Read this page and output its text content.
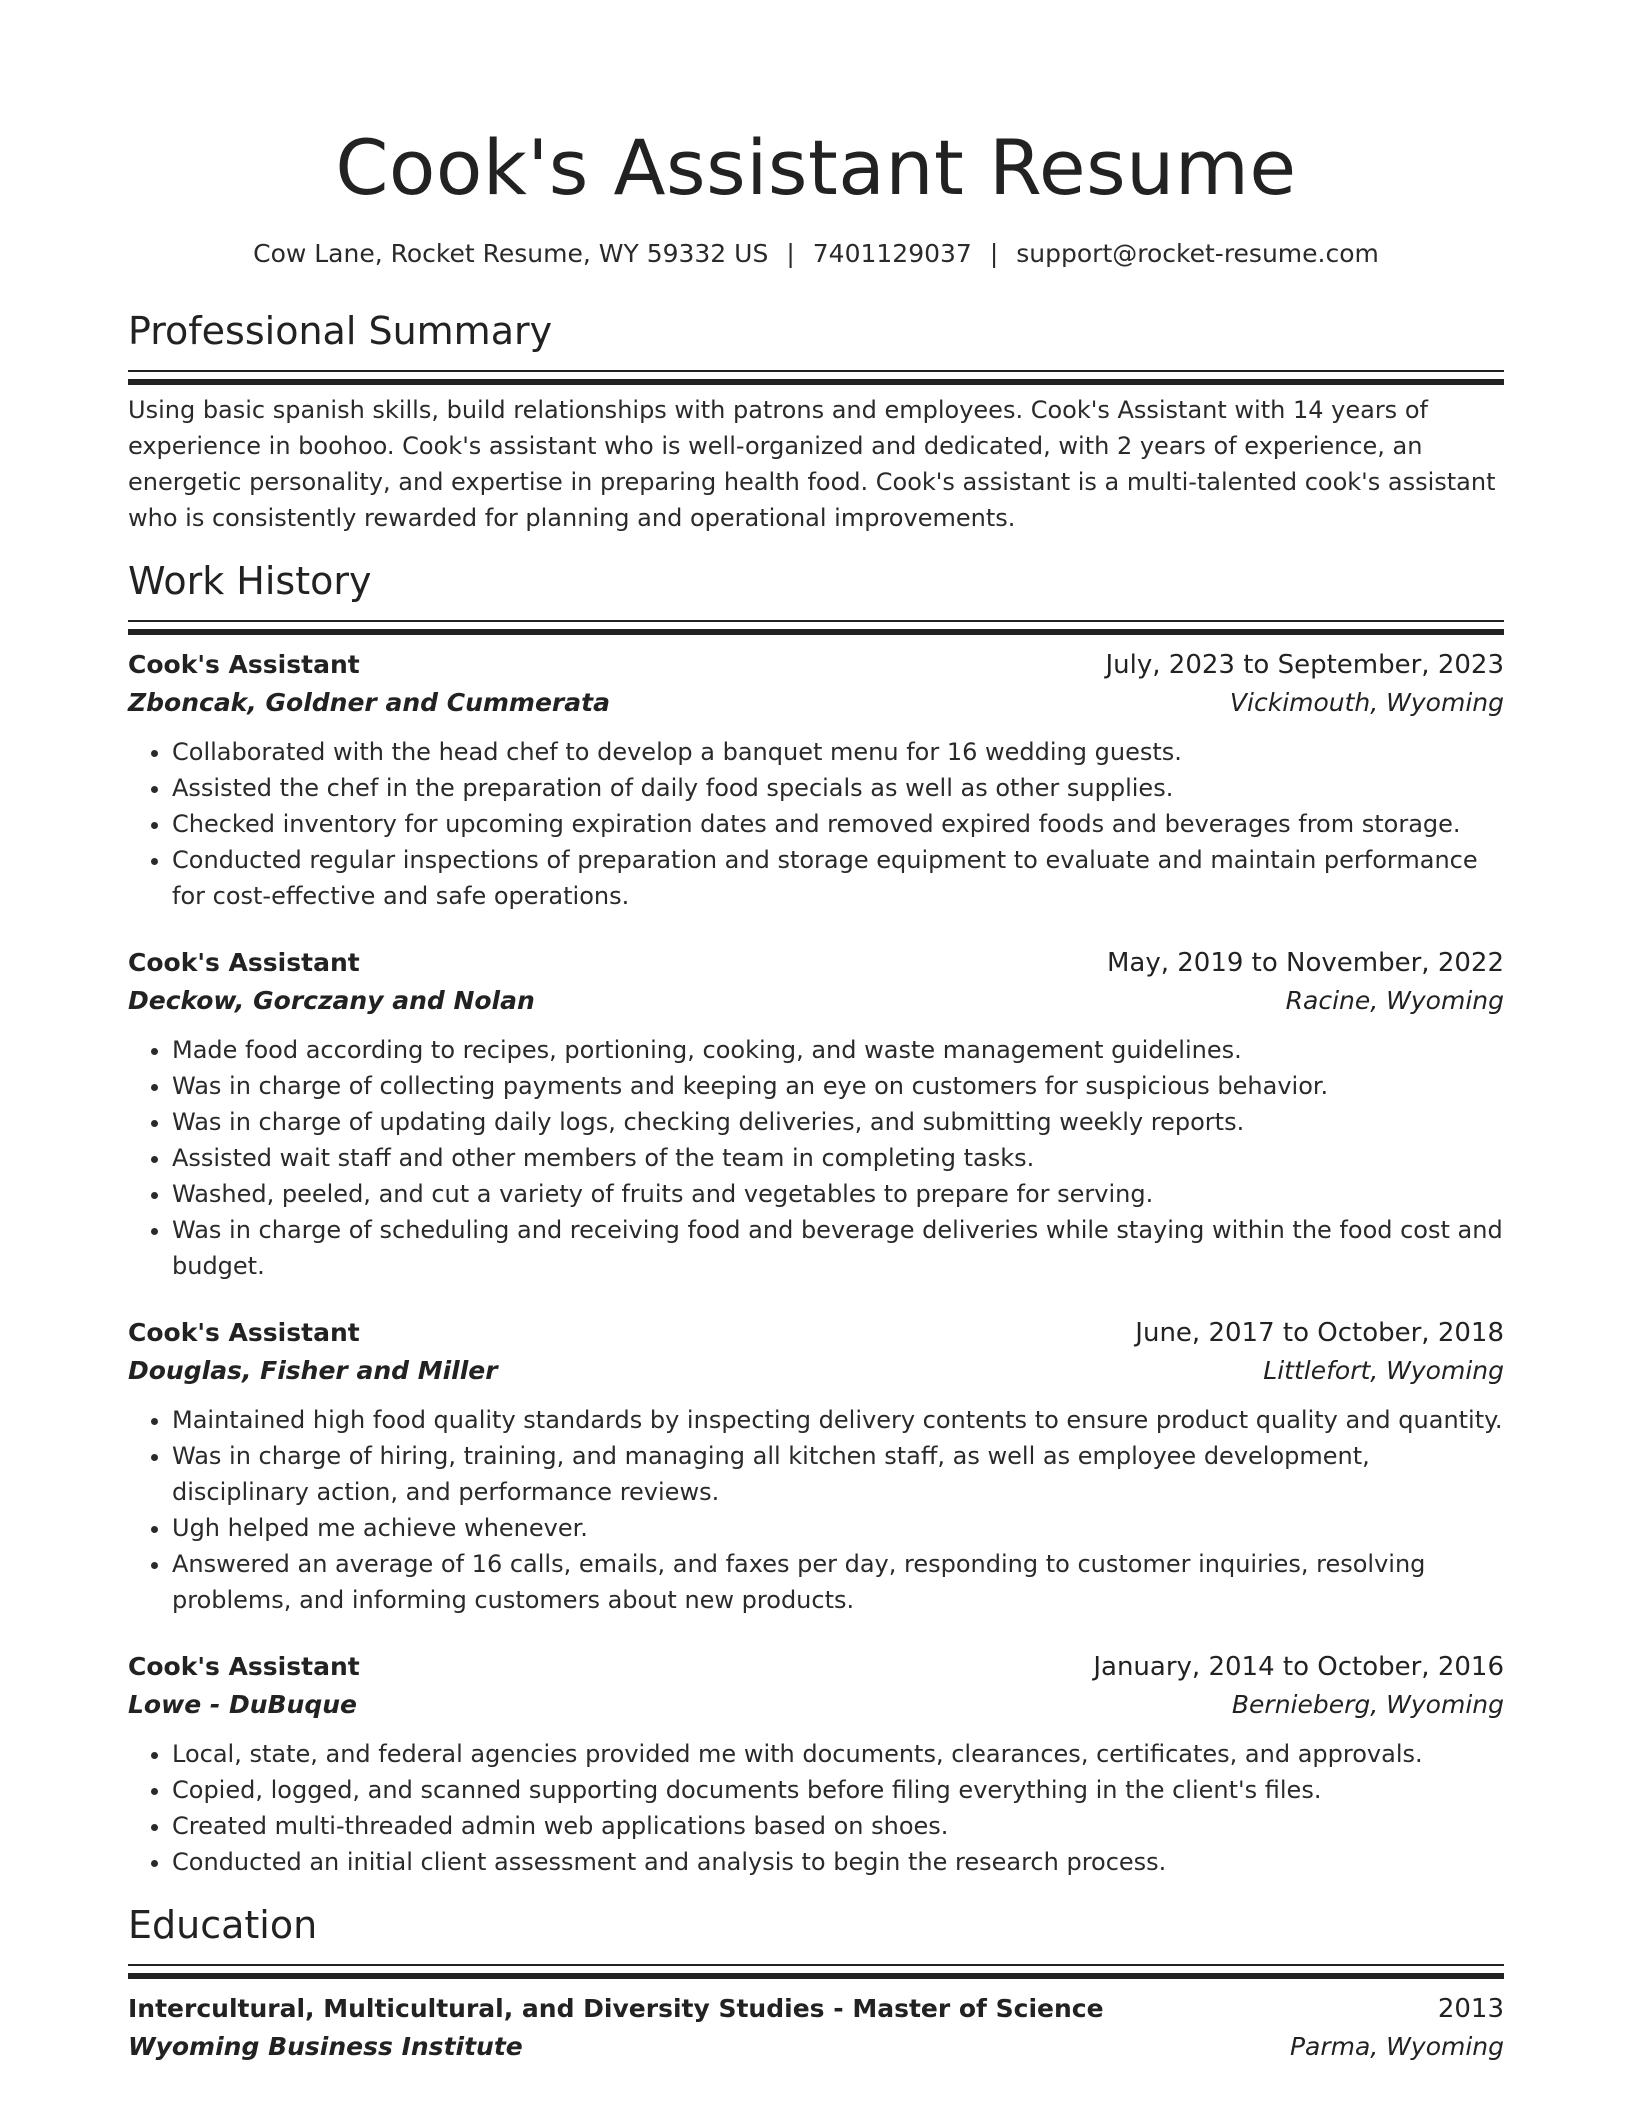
Cook's Assistant Resume
Cow Lane, Rocket Resume, WY 59332 US | 7401129037 | support@rocket-resume.com
Professional Summary

Using basic spanish skills, build relationships with patrons and employees. Cook's Assistant with 14 years of experience in boohoo. Cook's assistant who is well-organized and dedicated, with 2 years of experience, an energetic personality, and expertise in preparing health food. Cook's assistant is a multi-talented cook's assistant who is consistently rewarded for planning and operational improvements.

Work History
Cook's Assistant	July, 2023 to September, 2023
Zboncak, Goldner and Cummerata	Vickimouth, Wyoming
• Collaborated with the head chef to develop a banquet menu for 16 wedding guests.
• Assisted the chef in the preparation of daily food specials as well as other supplies.
• Checked inventory for upcoming expiration dates and removed expired foods and beverages from storage.
• Conducted regular inspections of preparation and storage equipment to evaluate and maintain performance for cost-effective and safe operations.
Cook's Assistant	May, 2019 to November, 2022
Deckow, Gorczany and Nolan	Racine, Wyoming
• Made food according to recipes, portioning, cooking, and waste management guidelines.
• Was in charge of collecting payments and keeping an eye on customers for suspicious behavior.
• Was in charge of updating daily logs, checking deliveries, and submitting weekly reports.
• Assisted wait staff and other members of the team in completing tasks.
• Washed, peeled, and cut a variety of fruits and vegetables to prepare for serving.
• Was in charge of scheduling and receiving food and beverage deliveries while staying within the food cost and budget.
Cook's Assistant	June, 2017 to October, 2018
Douglas, Fisher and Miller	Littlefort, Wyoming
• Maintained high food quality standards by inspecting delivery contents to ensure product quality and quantity.
• Was in charge of hiring, training, and managing all kitchen staff, as well as employee development, disciplinary action, and performance reviews.
• Ugh helped me achieve whenever.
• Answered an average of 16 calls, emails, and faxes per day, responding to customer inquiries, resolving problems, and informing customers about new products.
Cook's Assistant	January, 2014 to October, 2016
Lowe - DuBuque	Bernieberg, Wyoming
• Local, state, and federal agencies provided me with documents, clearances, certificates, and approvals.
• Copied, logged, and scanned supporting documents before filing everything in the client's files.
• Created multi-threaded admin web applications based on shoes.
• Conducted an initial client assessment and analysis to begin the research process.
Education
Intercultural, Multicultural, and Diversity Studies - Master of Science	2013
Wyoming Business Institute	Parma, Wyoming
